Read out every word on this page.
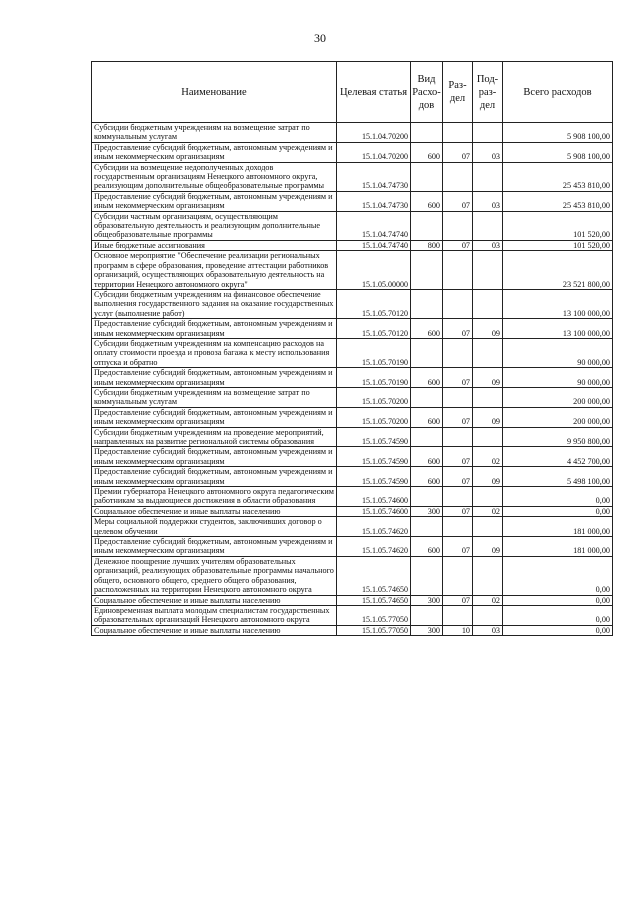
30
Наименование	Целевая статья	Вид Расхо-дов	Раз-дел	Под-раз-дел	Всего расходов
Субсидии бюджетным учреждениям на возмещение затрат по коммунальным услугам	15.1.04.70200				5 908 100,00
Предоставление субсидий бюджетным, автономным учреждениям и иным некоммерческим организациям	15.1.04.70200	600	07	03	5 908 100,00
Субсидии на возмещение недополученных доходов государственным организациям Ненецкого автономного округа, реализующим дополнительные общеобразовательные программы	15.1.04.74730				25 453 810,00
Предоставление субсидий бюджетным, автономным учреждениям и иным некоммерческим организациям	15.1.04.74730	600	07	03	25 453 810,00
Субсидии частным организациям, осуществляющим образовательную деятельность и реализующим дополнительные общеобразовательные программы	15.1.04.74740				101 520,00
Иные бюджетные ассигнования	15.1.04.74740	800	07	03	101 520,00
Основное мероприятие "Обеспечение реализации региональных программ в сфере образования, проведение аттестации работников организаций, осуществляющих образовательную деятельность на территории Ненецкого автономного округа"	15.1.05.00000				23 521 800,00
Субсидии бюджетным учреждениям на финансовое обеспечение выполнения государственного задания на оказание государственных услуг (выполнение работ)	15.1.05.70120				13 100 000,00
Предоставление субсидий бюджетным, автономным учреждениям и иным некоммерческим организациям	15.1.05.70120	600	07	09	13 100 000,00
Субсидии бюджетным учреждениям на компенсацию расходов на оплату стоимости проезда и провоза багажа к месту использования отпуска и обратно	15.1.05.70190				90 000,00
Предоставление субсидий бюджетным, автономным учреждениям и иным некоммерческим организациям	15.1.05.70190	600	07	09	90 000,00
Субсидии бюджетным учреждениям на возмещение затрат по коммунальным услугам	15.1.05.70200				200 000,00
Предоставление субсидий бюджетным, автономным учреждениям и иным некоммерческим организациям	15.1.05.70200	600	07	09	200 000,00
Субсидии бюджетным учреждениям на проведение мероприятий, направленных на развитие региональной системы образования	15.1.05.74590				9 950 800,00
Предоставление субсидий бюджетным, автономным учреждениям и иным некоммерческим организациям	15.1.05.74590	600	07	02	4 452 700,00
Предоставление субсидий бюджетным, автономным учреждениям и иным некоммерческим организациям	15.1.05.74590	600	07	09	5 498 100,00
Премии губернатора Ненецкого автономного округа педагогическим работникам за выдающиеся достижения в области образования	15.1.05.74600				0,00
Социальное обеспечение и иные выплаты населению	15.1.05.74600	300	07	02	0,00
Меры социальной поддержки студентов, заключивших договор о целевом обучении	15.1.05.74620				181 000,00
Предоставление субсидий бюджетным, автономным учреждениям и иным некоммерческим организациям	15.1.05.74620	600	07	09	181 000,00
Денежное поощрение лучших учителям образовательных организаций, реализующих образовательные программы начального общего, основного общего, среднего общего образования, расположенных на территории Ненецкого автономного округа	15.1.05.74650				0,00
Социальное обеспечение и иные выплаты населению	15.1.05.74650	300	07	02	0,00
Единовременная выплата молодым специалистам государственных образовательных организаций Ненецкого автономного округа	15.1.05.77050				0,00
Социальное обеспечение и иные выплаты населению	15.1.05.77050	300	10	03	0,00
